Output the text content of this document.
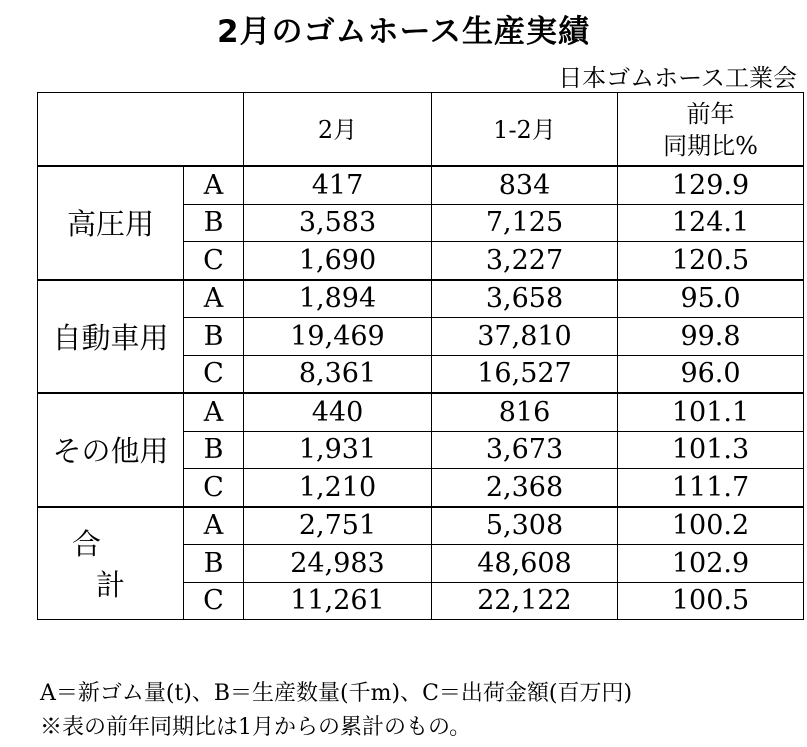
2月のゴムホース生産実績
日本ゴムホース工業会
		2月	1-2月	前年
同期比%

高圧用	A	417	834	129.9
	B	3,583	7,125	124.1
	C	1,690	3,227	120.5
自動車用	A	1,894	3,658	95.0
	B	19,469	37,810	99.8
	C	8,361	16,527	96.0
その他用	A	440	816	101.1
	B	1,931	3,673	101.3
	C	1,210	2,368	111.7
合計	A	2,751	5,308	100.2
	B	24,983	48,608	102.9
	C	11,261	22,122	100.5
A＝新ゴム量(t)、B＝生産数量(千m)、C＝出荷金額(百万円)
※表の前年同期比は1月からの累計のもの。
